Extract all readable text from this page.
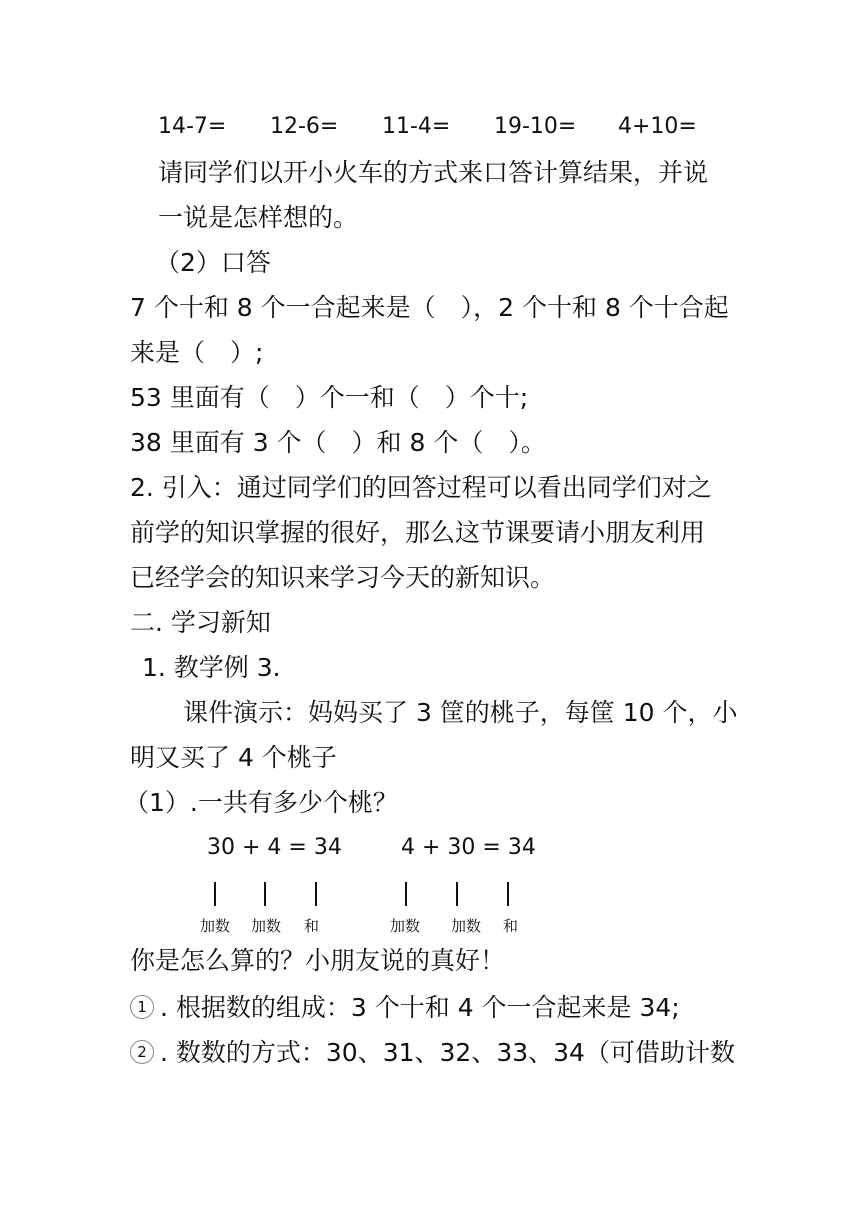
14-7= 12-6= 11-4= 19-10= 4+10=
请同学们以开小火车的方式来口答计算结果，并说
一说是怎样想的。
（2）口答
7 个十和 8 个一合起来是（　），2 个十和 8 个十合起
来是（　）;
53 里面有（　）个一和（　）个十;
38 里面有 3 个（　）和 8 个（　）。
2. 引入：通过同学们的回答过程可以看出同学们对之
前学的知识掌握的很好，那么这节课要请小朋友利用
已经学会的知识来学习今天的新知识。
二. 学习新知
1. 教学例 3.
课件演示：妈妈买了 3 筐的桃子，每筐 10 个，小
明又买了 4 个桃子
（1）.一共有多少个桃？
30 + 4 = 34	4 + 30 = 34
加数 加数 和	加数 加数 和
你是怎么算的？小朋友说的真好！
1 . 根据数的组成：3 个十和 4 个一合起来是 34;
2 . 数数的方式：30、31、32、33、34（可借助计数
